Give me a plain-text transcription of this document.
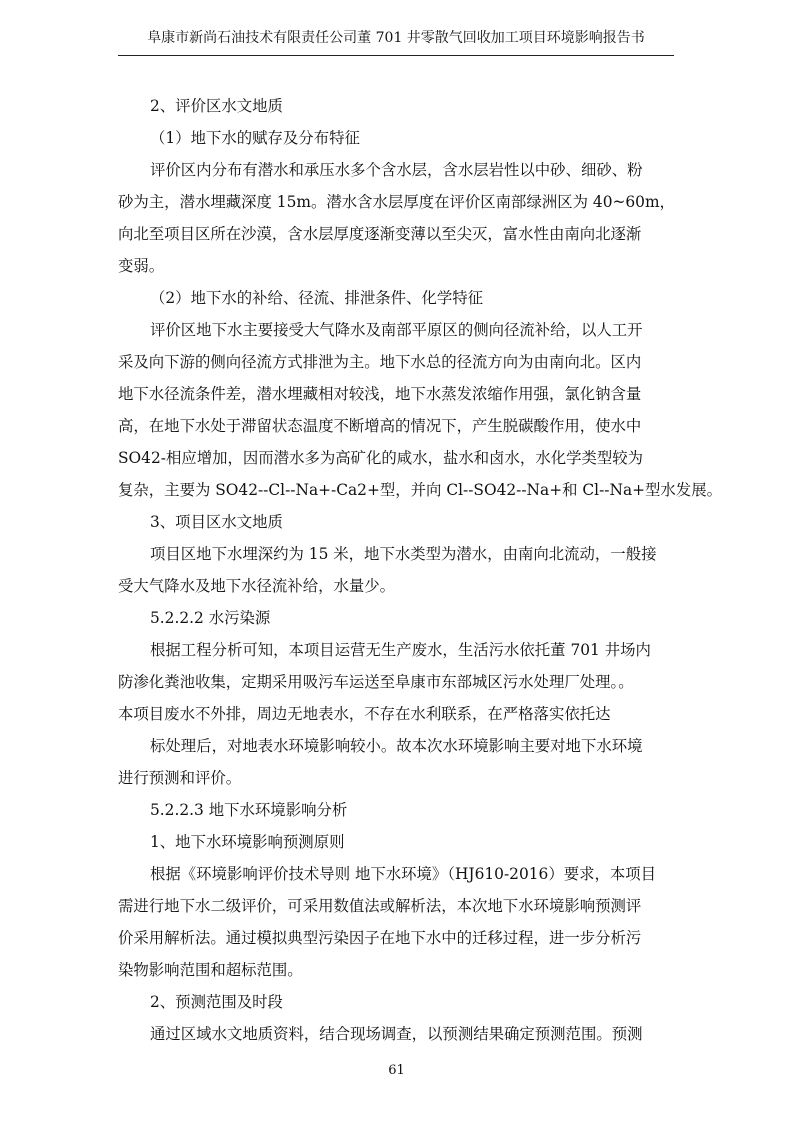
阜康市新尚石油技术有限责任公司董 701 井零散气回收加工项目环境影响报告书

2、评价区水文地质

（1）地下水的赋存及分布特征

评价区内分布有潜水和承压水多个含水层，含水层岩性以中砂、细砂、粉
砂为主，潜水埋藏深度 15m。潜水含水层厚度在评价区南部绿洲区为 40~60m，
向北至项目区所在沙漠，含水层厚度逐渐变薄以至尖灭，富水性由南向北逐渐
变弱。

（2）地下水的补给、径流、排泄条件、化学特征

评价区地下水主要接受大气降水及南部平原区的侧向径流补给，以人工开
采及向下游的侧向径流方式排泄为主。地下水总的径流方向为由南向北。区内
地下水径流条件差，潜水埋藏相对较浅，地下水蒸发浓缩作用强，氯化钠含量
高，在地下水处于滞留状态温度不断增高的情况下，产生脱碳酸作用，使水中
SO42-相应增加，因而潜水多为高矿化的咸水，盐水和卤水，水化学类型较为
复杂，主要为 SO42--Cl--Na+-Ca2+型，并向 Cl--SO42--Na+和 Cl--Na+型水发展。

3、项目区水文地质

项目区地下水埋深约为 15 米，地下水类型为潜水，由南向北流动，一般接
受大气降水及地下水径流补给，水量少。

5.2.2.2 水污染源

根据工程分析可知，本项目运营无生产废水，生活污水依托董 701 井场内
防渗化粪池收集，定期采用吸污车运送至阜康市东部城区污水处理厂处理。。
本项目废水不外排，周边无地表水，不存在水利联系，在严格落实依托达

标处理后，对地表水环境影响较小。故本次水环境影响主要对地下水环境
进行预测和评价。

5.2.2.3 地下水环境影响分析

1、地下水环境影响预测原则

根据《环境影响评价技术导则 地下水环境》（HJ610-2016）要求，本项目
需进行地下水二级评价，可采用数值法或解析法，本次地下水环境影响预测评
价采用解析法。通过模拟典型污染因子在地下水中的迁移过程，进一步分析污
染物影响范围和超标范围。

2、预测范围及时段

通过区域水文地质资料，结合现场调查，以预测结果确定预测范围。预测

61
